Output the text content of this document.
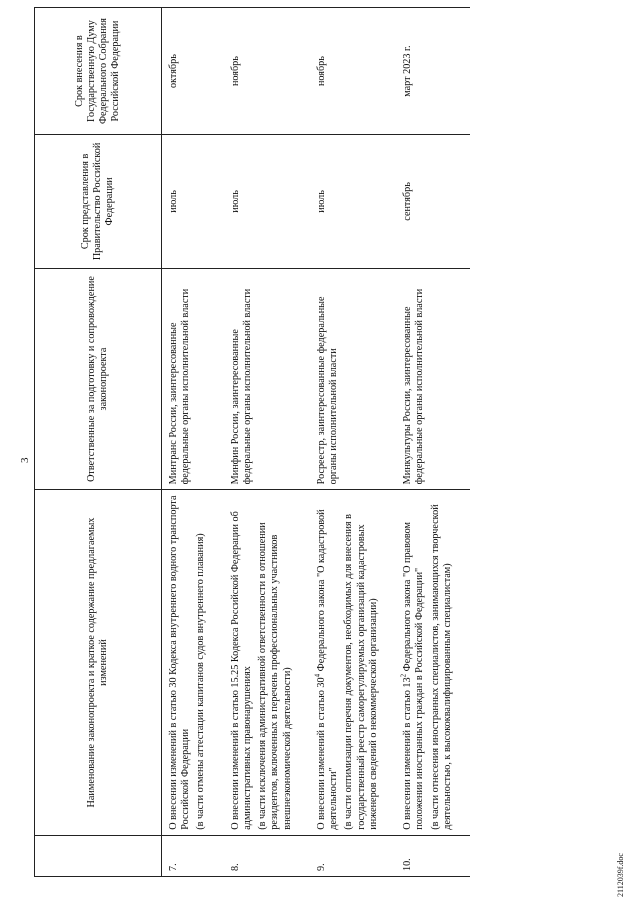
3
	Наименование законопроекта и краткое содержание предлагаемых изменений	Ответственные за подготовку и сопровождение законопроекта	Срок представления в Правительство Российской Федерации	Срок внесения в Государственную Думу Федерального Собрания Российской Федерации
7.	О внесении изменений в статью 30 Кодекса внутреннего водного транспорта Российской Федерации (в части отмены аттестации капитанов судов внутреннего плавания)	Минтранс России, заинтересованные федеральные органы исполнительной власти	июль	октябрь
8.	О внесении изменений в статью 15.25 Кодекса Российской Федерации об административных правонарушениях (в части исключения административной ответственности в отношении резидентов, включенных в перечень профессиональных участников внешнеэкономической деятельности)	Минфин России, заинтересованные федеральные органы исполнительной власти	июль	ноябрь
9.	О внесении изменений в статью $30^4$ Федерального закона "О кадастровой деятельности" (в части оптимизации перечня документов, необходимых для внесения в государственный реестр саморегулируемых организаций кадастровых инженеров сведений о некоммерческой организации)	Росреестр, заинтересованные федеральные органы исполнительной власти	июль	ноябрь
10.	О внесении изменений в статью $13^2$ Федерального закона "О правовом положении иностранных граждан в Российской Федерации" (в части отнесения иностранных специалистов, занимающихся творческой деятельностью, к высококвалифицированным специалистам)	Минкультуры России, заинтересованные федеральные органы исполнительной власти	сентябрь	март 2023 г.
2112039f.doc
